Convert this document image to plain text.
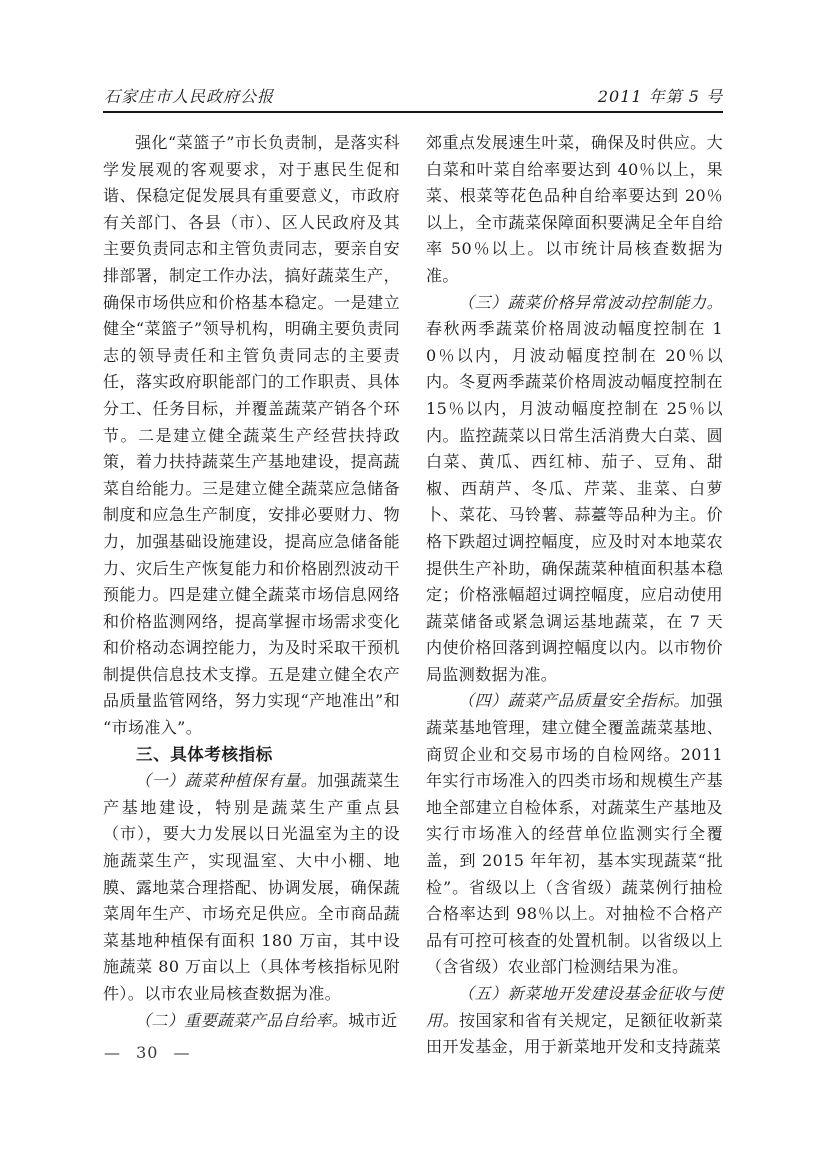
石家庄市人民政府公报	2011 年第 5 号

强化“菜篮子”市长负责制，是落实科学发展观的客观要求，对于惠民生促和谐、保稳定促发展具有重要意义，市政府有关部门、各县（市）、区人民政府及其主要负责同志和主管负责同志，要亲自安排部署，制定工作办法，搞好蔬菜生产，确保市场供应和价格基本稳定。一是建立健全“菜篮子”领导机构，明确主要负责同志的领导责任和主管负责同志的主要责任，落实政府职能部门的工作职责、具体分工、任务目标，并覆盖蔬菜产销各个环节。二是建立健全蔬菜生产经营扶持政策，着力扶持蔬菜生产基地建设，提高蔬菜自给能力。三是建立健全蔬菜应急储备制度和应急生产制度，安排必要财力、物力，加强基础设施建设，提高应急储备能力、灾后生产恢复能力和价格剧烈波动干预能力。四是建立健全蔬菜市场信息网络和价格监测网络，提高掌握市场需求变化和价格动态调控能力，为及时采取干预机制提供信息技术支撑。五是建立健全农产品质量监管网络，努力实现“产地准出”和“市场准入”。

三、具体考核指标

（一）蔬菜种植保有量。加强蔬菜生产基地建设，特别是蔬菜生产重点县（市），要大力发展以日光温室为主的设施蔬菜生产，实现温室、大中小棚、地膜、露地菜合理搭配、协调发展，确保蔬菜周年生产、市场充足供应。全市商品蔬菜基地种植保有面积 180 万亩，其中设施蔬菜 80 万亩以上（具体考核指标见附件）。以市农业局核查数据为准。

（二）重要蔬菜产品自给率。城市近

郊重点发展速生叶菜，确保及时供应。大白菜和叶菜自给率要达到 40％以上，果菜、根菜等花色品种自给率要达到 20％以上，全市蔬菜保障面积要满足全年自给率 50％以上。以市统计局核查数据为准。

（三）蔬菜价格异常波动控制能力。春秋两季蔬菜价格周波动幅度控制在 10％以内，月波动幅度控制在 20％以内。冬夏两季蔬菜价格周波动幅度控制在 15％以内，月波动幅度控制在 25％以内。监控蔬菜以日常生活消费大白菜、圆白菜、黄瓜、西红柿、茄子、豆角、甜椒、西葫芦、冬瓜、芹菜、韭菜、白萝卜、菜花、马铃薯、蒜薹等品种为主。价格下跌超过调控幅度，应及时对本地菜农提供生产补助，确保蔬菜种植面积基本稳定；价格涨幅超过调控幅度，应启动使用蔬菜储备或紧急调运基地蔬菜，在 7 天内使价格回落到调控幅度以内。以市物价局监测数据为准。

（四）蔬菜产品质量安全指标。加强蔬菜基地管理，建立健全覆盖蔬菜基地、商贸企业和交易市场的自检网络。2011 年实行市场准入的四类市场和规模生产基地全部建立自检体系，对蔬菜生产基地及实行市场准入的经营单位监测实行全覆盖，到 2015 年年初，基本实现蔬菜“批检”。省级以上（含省级）蔬菜例行抽检合格率达到 98％以上。对抽检不合格产品有可控可核查的处置机制。以省级以上（含省级）农业部门检测结果为准。

（五）新菜地开发建设基金征收与使用。按国家和省有关规定，足额征收新菜田开发基金，用于新菜地开发和支持蔬菜

— 30 —
